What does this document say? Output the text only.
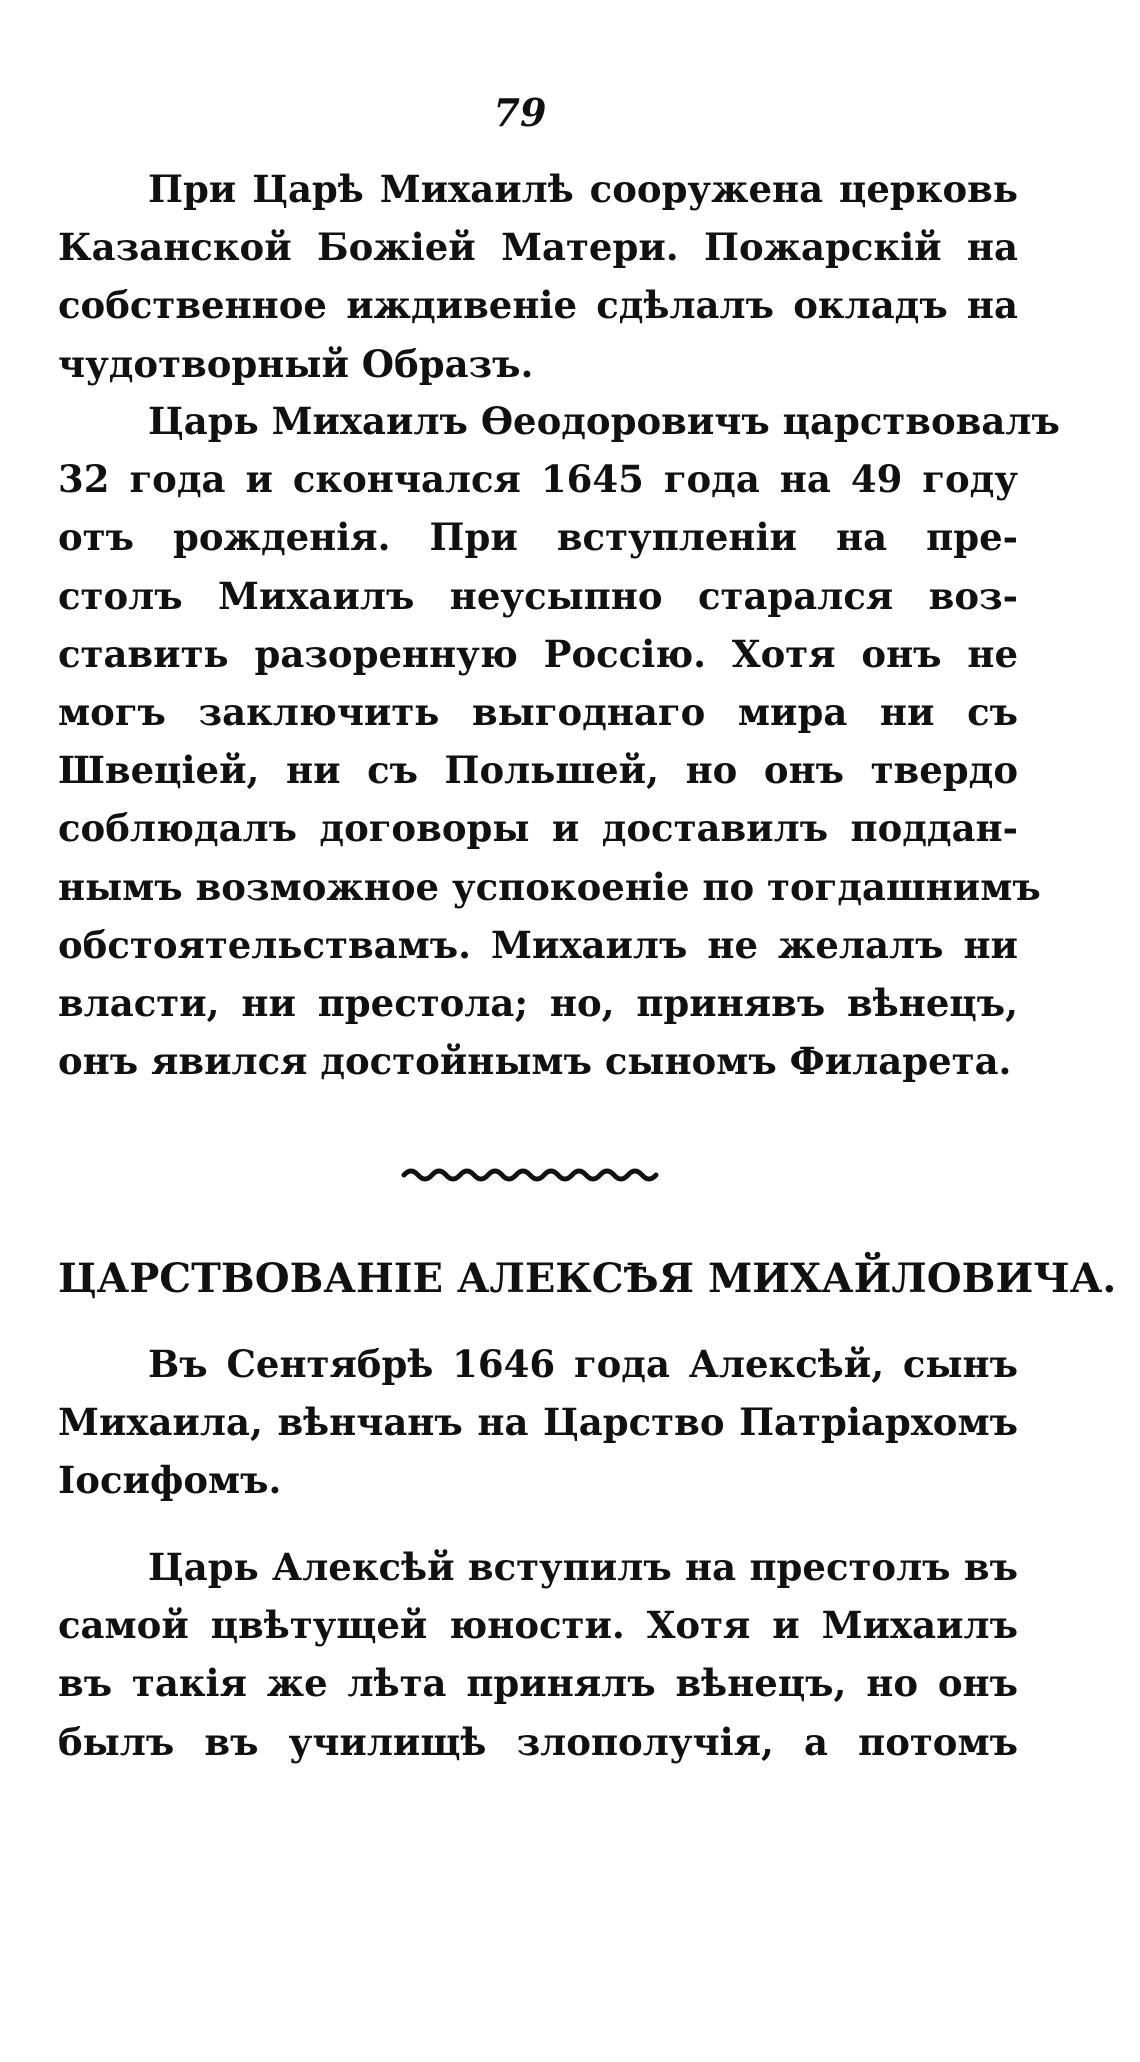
79
При Царѣ Михаилѣ сооружена церковь
Казанской Божіей Матери. Пожарскій на
собственное иждивеніе сдѣлалъ окладъ на
чудотворный Образъ.
Царь Михаилъ Ѳеодоровичъ царствовалъ
32 года и скончался 1645 года на 49 году
отъ рожденія. При вступленіи на пре-
столъ Михаилъ неусыпно старался воз-
ставить разоренную Россію. Хотя онъ не
могъ заключить выгоднаго мира ни съ
Швеціей, ни съ Польшей, но онъ твердо
соблюдалъ договоры и доставилъ поддан-
нымъ возможное успокоеніе по тогдашнимъ
обстоятельствамъ. Михаилъ не желалъ ни
власти, ни престола; но, принявъ вѣнецъ,
онъ явился достойнымъ сыномъ Филарета.
ЦАРСТВОВАНІЕ АЛЕКСѢЯ МИХАЙЛОВИЧА.
Въ Сентябрѣ 1646 года Алексѣй, сынъ
Михаила, вѣнчанъ на Царство Патріархомъ
Іосифомъ.
Царь Алексѣй вступилъ на престолъ въ
самой цвѣтущей юности. Хотя и Михаилъ
въ такія же лѣта принялъ вѣнецъ, но онъ
былъ въ училищѣ злополучія, а потомъ
